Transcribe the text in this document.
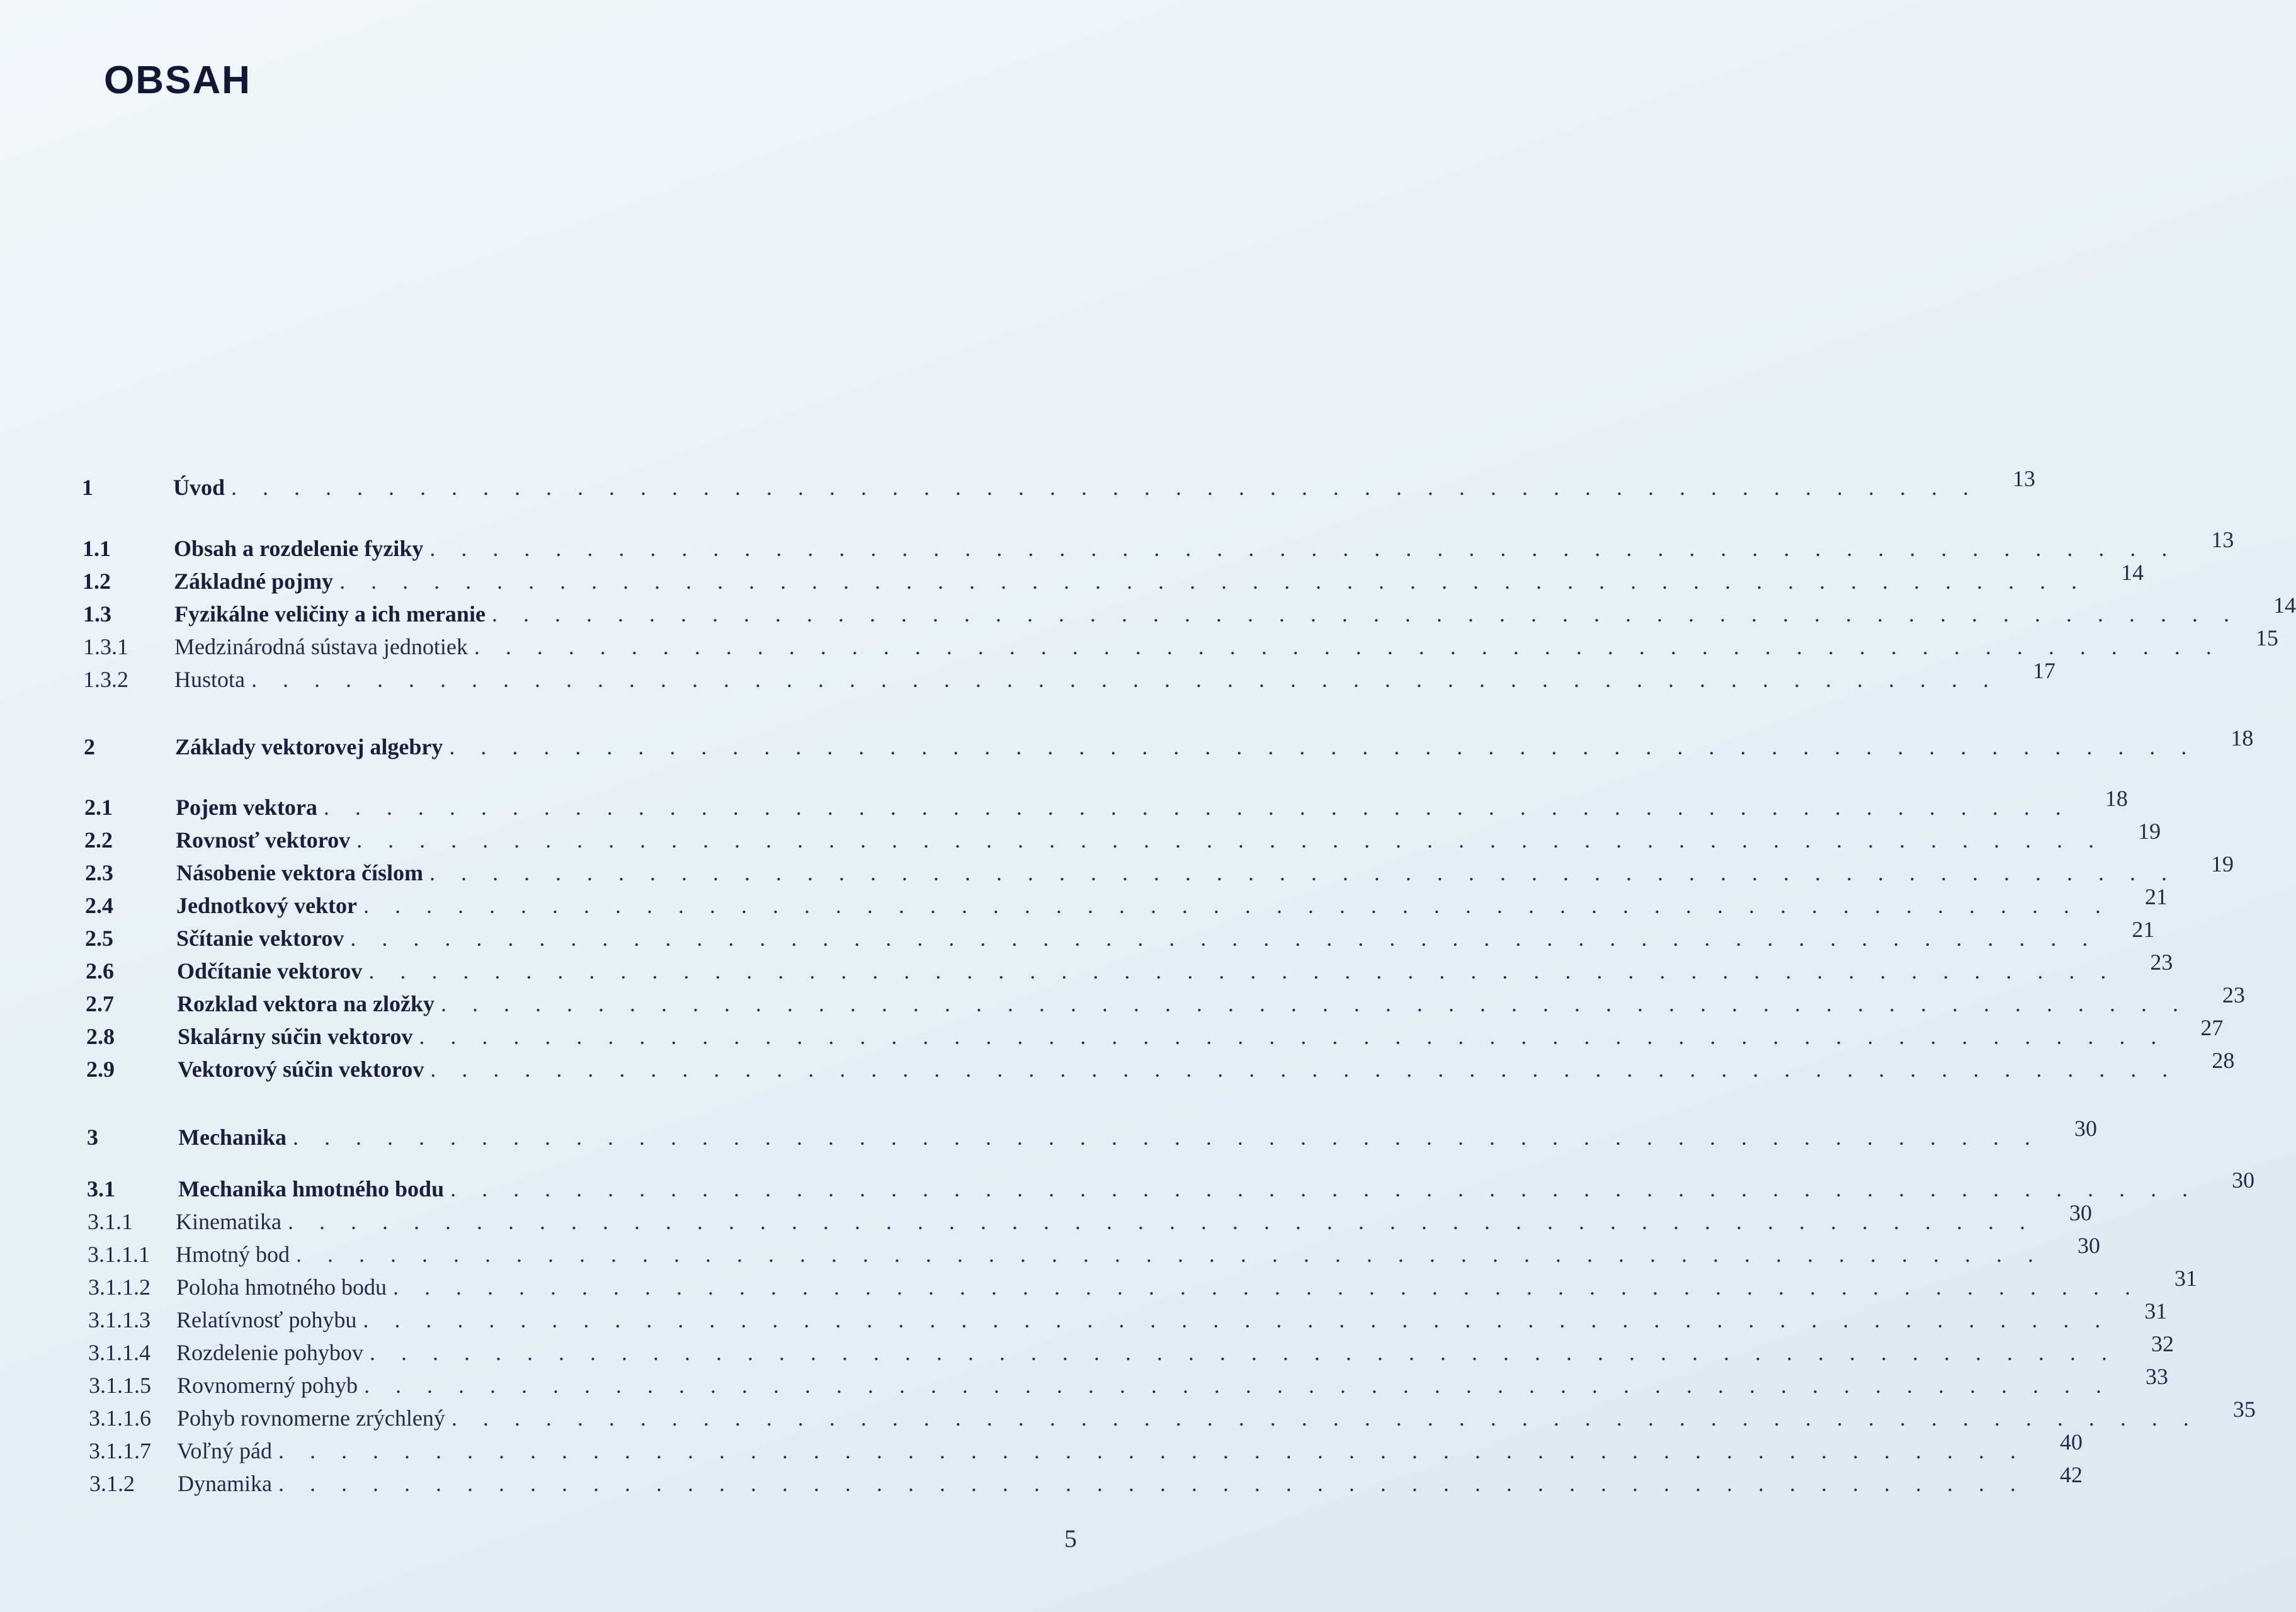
OBSAH
1	Úvod . . . . . . . . . . . . . . . . . . . . . . . . . . . . . . . . . . . . . . . . . . . . . . . . . . . . . . . .	13
1.1	Obsah a rozdelenie fyziky . . . . . . . . . . . . . . . . . . . . . . . . . . . . . . . . . . . . . . . . . . . . . . . . . . . . . . . .	13
1.2	Základné pojmy . . . . . . . . . . . . . . . . . . . . . . . . . . . . . . . . . . . . . . . . . . . . . . . . . . . . . . . .	14
1.3	Fyzikálne veličiny a ich meranie . . . . . . . . . . . . . . . . . . . . . . . . . . . . . . . . . . . . . . . . . . . . . . . . . . . . . . . .	14
1.3.1	Medzinárodná sústava jednotiek . . . . . . . . . . . . . . . . . . . . . . . . . . . . . . . . . . . . . . . . . . . . . . . . . . . . . . . .	15
1.3.2	Hustota . . . . . . . . . . . . . . . . . . . . . . . . . . . . . . . . . . . . . . . . . . . . . . . . . . . . . . . .	17
2	Základy vektorovej algebry . . . . . . . . . . . . . . . . . . . . . . . . . . . . . . . . . . . . . . . . . . . . . . . . . . . . . . . .	18
2.1	Pojem vektora . . . . . . . . . . . . . . . . . . . . . . . . . . . . . . . . . . . . . . . . . . . . . . . . . . . . . . . .	18
2.2	Rovnosť vektorov . . . . . . . . . . . . . . . . . . . . . . . . . . . . . . . . . . . . . . . . . . . . . . . . . . . . . . . .	19
2.3	Násobenie vektora číslom . . . . . . . . . . . . . . . . . . . . . . . . . . . . . . . . . . . . . . . . . . . . . . . . . . . . . . . .	19
2.4	Jednotkový vektor . . . . . . . . . . . . . . . . . . . . . . . . . . . . . . . . . . . . . . . . . . . . . . . . . . . . . . . .	21
2.5	Sčítanie vektorov . . . . . . . . . . . . . . . . . . . . . . . . . . . . . . . . . . . . . . . . . . . . . . . . . . . . . . . .	21
2.6	Odčítanie vektorov . . . . . . . . . . . . . . . . . . . . . . . . . . . . . . . . . . . . . . . . . . . . . . . . . . . . . . . .	23
2.7	Rozklad vektora na zložky . . . . . . . . . . . . . . . . . . . . . . . . . . . . . . . . . . . . . . . . . . . . . . . . . . . . . . . .	23
2.8	Skalárny súčin vektorov . . . . . . . . . . . . . . . . . . . . . . . . . . . . . . . . . . . . . . . . . . . . . . . . . . . . . . . .	27
2.9	Vektorový súčin vektorov . . . . . . . . . . . . . . . . . . . . . . . . . . . . . . . . . . . . . . . . . . . . . . . . . . . . . . . .	28
3	Mechanika . . . . . . . . . . . . . . . . . . . . . . . . . . . . . . . . . . . . . . . . . . . . . . . . . . . . . . . .	30
3.1	Mechanika hmotného bodu . . . . . . . . . . . . . . . . . . . . . . . . . . . . . . . . . . . . . . . . . . . . . . . . . . . . . . . .	30
3.1.1	Kinematika . . . . . . . . . . . . . . . . . . . . . . . . . . . . . . . . . . . . . . . . . . . . . . . . . . . . . . . .	30
3.1.1.1	Hmotný bod . . . . . . . . . . . . . . . . . . . . . . . . . . . . . . . . . . . . . . . . . . . . . . . . . . . . . . . .	30
3.1.1.2	Poloha hmotného bodu . . . . . . . . . . . . . . . . . . . . . . . . . . . . . . . . . . . . . . . . . . . . . . . . . . . . . . . .	31
3.1.1.3	Relatívnosť pohybu . . . . . . . . . . . . . . . . . . . . . . . . . . . . . . . . . . . . . . . . . . . . . . . . . . . . . . . .	31
3.1.1.4	Rozdelenie pohybov . . . . . . . . . . . . . . . . . . . . . . . . . . . . . . . . . . . . . . . . . . . . . . . . . . . . . . . .	32
3.1.1.5	Rovnomerný pohyb . . . . . . . . . . . . . . . . . . . . . . . . . . . . . . . . . . . . . . . . . . . . . . . . . . . . . . . .	33
3.1.1.6	Pohyb rovnomerne zrýchlený . . . . . . . . . . . . . . . . . . . . . . . . . . . . . . . . . . . . . . . . . . . . . . . . . . . . . . . .	35
3.1.1.7	Voľný pád . . . . . . . . . . . . . . . . . . . . . . . . . . . . . . . . . . . . . . . . . . . . . . . . . . . . . . . .	40
3.1.2	Dynamika . . . . . . . . . . . . . . . . . . . . . . . . . . . . . . . . . . . . . . . . . . . . . . . . . . . . . . . .	42
5
